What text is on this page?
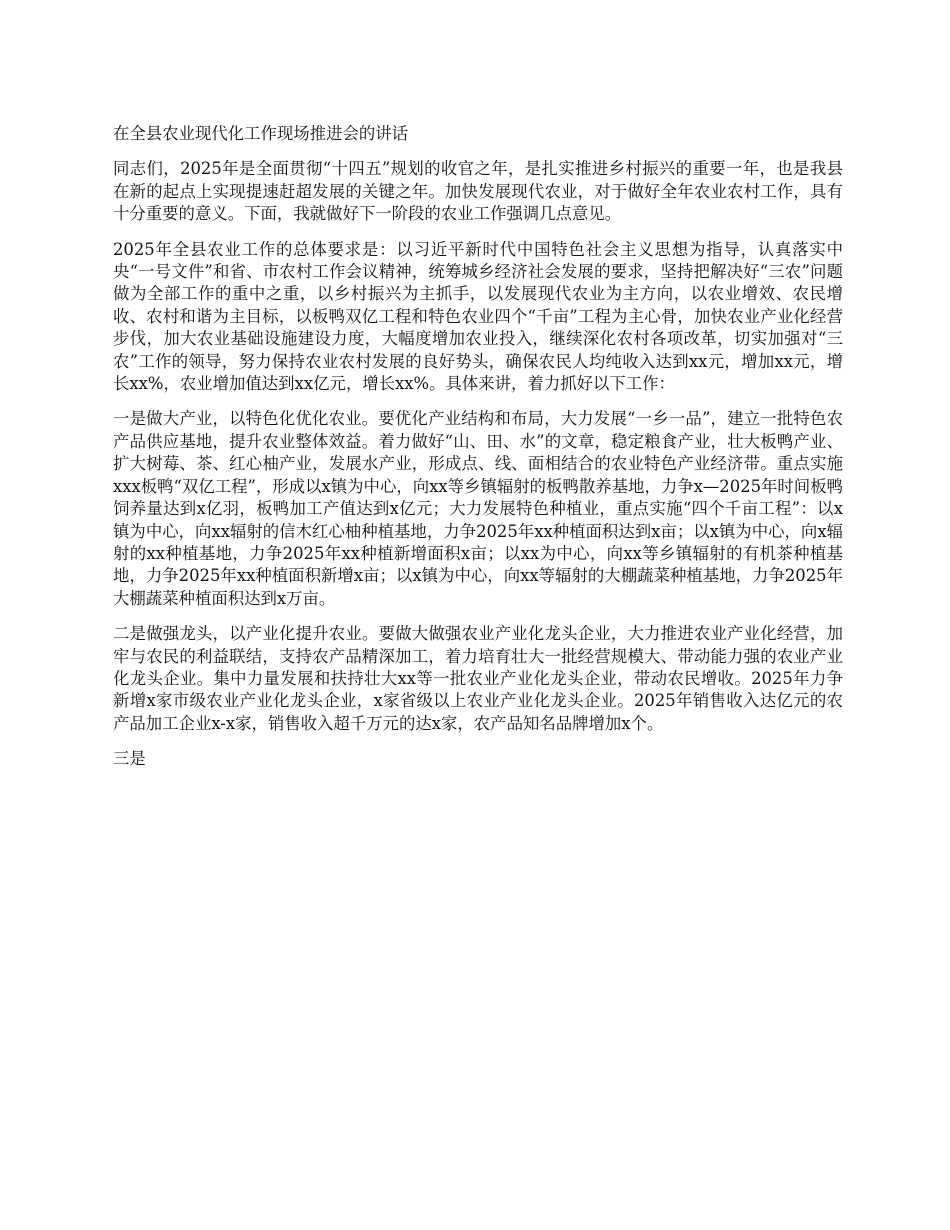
在全县农业现代化工作现场推进会的讲话

同志们，2025年是全面贯彻“十四五”规划的收官之年，是扎实推进乡村振兴的重要一年，也是我县在新的起点上实现提速赶超发展的关键之年。加快发展现代农业，对于做好全年农业农村工作，具有十分重要的意义。下面，我就做好下一阶段的农业工作强调几点意见。

2025年全县农业工作的总体要求是：以习近平新时代中国特色社会主义思想为指导，认真落实中央“一号文件”和省、市农村工作会议精神，统筹城乡经济社会发展的要求，坚持把解决好“三农”问题做为全部工作的重中之重，以乡村振兴为主抓手，以发展现代农业为主方向，以农业增效、农民增收、农村和谐为主目标，以板鸭双亿工程和特色农业四个“千亩”工程为主心骨，加快农业产业化经营步伐，加大农业基础设施建设力度，大幅度增加农业投入，继续深化农村各项改革，切实加强对“三农”工作的领导，努力保持农业农村发展的良好势头，确保农民人均纯收入达到xx元，增加xx元，增长xx%，农业增加值达到xx亿元，增长xx%。具体来讲，着力抓好以下工作：

一是做大产业，以特色化优化农业。要优化产业结构和布局，大力发展“一乡一品”，建立一批特色农产品供应基地，提升农业整体效益。着力做好“山、田、水”的文章，稳定粮食产业，壮大板鸭产业、扩大树莓、茶、红心柚产业，发展水产业，形成点、线、面相结合的农业特色产业经济带。重点实施xxx板鸭“双亿工程”，形成以x镇为中心，向xx等乡镇辐射的板鸭散养基地，力争x—2025年时间板鸭饲养量达到x亿羽，板鸭加工产值达到x亿元；大力发展特色种植业，重点实施“四个千亩工程”：以x镇为中心，向xx辐射的信木红心柚种植基地，力争2025年xx种植面积达到x亩；以x镇为中心，向x辐射的xx种植基地，力争2025年xx种植新增面积x亩；以xx为中心，向xx等乡镇辐射的有机茶种植基地，力争2025年xx种植面积新增x亩；以x镇为中心，向xx等辐射的大棚蔬菜种植基地，力争2025年大棚蔬菜种植面积达到x万亩。

二是做强龙头，以产业化提升农业。要做大做强农业产业化龙头企业，大力推进农业产业化经营，加牢与农民的利益联结，支持农产品精深加工，着力培育壮大一批经营规模大、带动能力强的农业产业化龙头企业。集中力量发展和扶持壮大xx等一批农业产业化龙头企业，带动农民增收。2025年力争新增x家市级农业产业化龙头企业，x家省级以上农业产业化龙头企业。2025年销售收入达亿元的农产品加工企业x-x家，销售收入超千万元的达x家，农产品知名品牌增加x个。

三是
